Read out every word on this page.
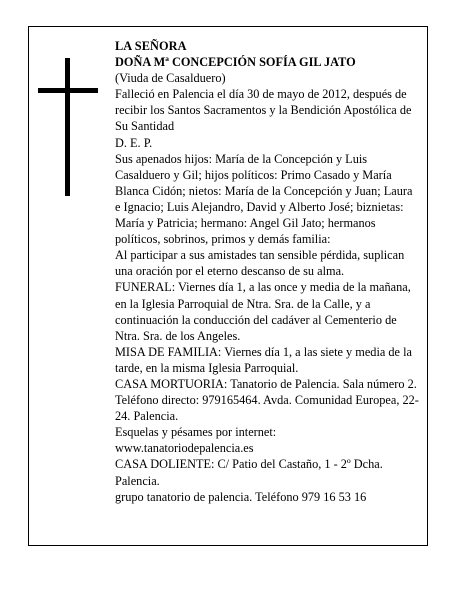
LA SEÑORA

DOÑA Mª CONCEPCIÓN SOFÍA GIL JATO

(Viuda de Casalduero)

Falleció en Palencia el día 30 de mayo de 2012, después de recibir los Santos Sacramentos y la Bendición Apostólica de Su Santidad

D. E. P.

Sus apenados hijos: María de la Concepción y Luis Casalduero y Gil; hijos políticos: Primo Casado y María Blanca Cidón; nietos: María de la Concepción y Juan; Laura e Ignacio; Luis Alejandro, David y Alberto José; biznietas: María y Patricia; hermano: Angel Gil Jato; hermanos políticos, sobrinos, primos y demás familia:

Al participar a sus amistades tan sensible pérdida, suplican una oración por el eterno descanso de su alma.

FUNERAL: Viernes día 1, a las once y media de la mañana, en la Iglesia Parroquial de Ntra. Sra. de la Calle, y a continuación la conducción del cadáver al Cementerio de Ntra. Sra. de los Angeles.

MISA DE FAMILIA: Viernes día 1, a las siete y media de la tarde, en la misma Iglesia Parroquial.

CASA MORTUORIA: Tanatorio de Palencia. Sala número 2. Teléfono directo: 979165464. Avda. Comunidad Europea, 22-24. Palencia.

Esquelas y pésames por internet:

www.tanatoriodepalencia.es

CASA DOLIENTE: C/ Patio del Castaño, 1 - 2º Dcha. Palencia.

grupo tanatorio de palencia. Teléfono 979 16 53 16
